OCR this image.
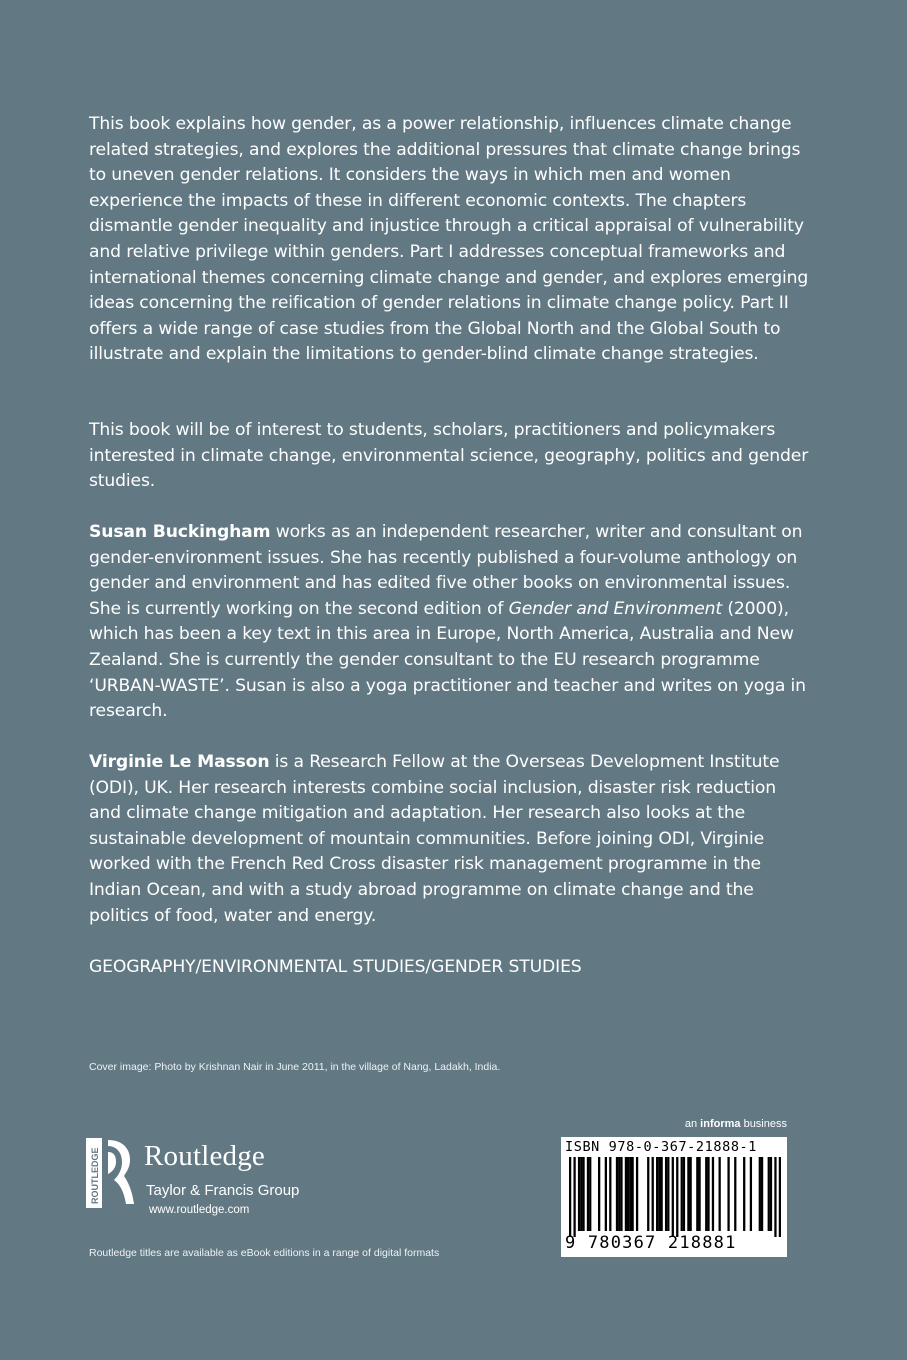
This book explains how gender, as a power relationship, influences climate change related strategies, and explores the additional pressures that climate change brings to uneven gender relations. It considers the ways in which men and women experience the impacts of these in different economic contexts. The chapters dismantle gender inequality and injustice through a critical appraisal of vulnerability and relative privilege within genders. Part I addresses conceptual frameworks and international themes concerning climate change and gender, and explores emerging ideas concerning the reification of gender relations in climate change policy. Part II offers a wide range of case studies from the Global North and the Global South to illustrate and explain the limitations to gender-blind climate change strategies.

This book will be of interest to students, scholars, practitioners and policymakers interested in climate change, environmental science, geography, politics and gender studies.

Susan Buckingham works as an independent researcher, writer and consultant on gender-environment issues. She has recently published a four-volume anthology on gender and environment and has edited five other books on environmental issues. She is currently working on the second edition of Gender and Environment (2000), which has been a key text in this area in Europe, North America, Australia and New Zealand. She is currently the gender consultant to the EU research programme ‘URBAN-WASTE’. Susan is also a yoga practitioner and teacher and writes on yoga in research.

Virginie Le Masson is a Research Fellow at the Overseas Development Institute (ODI), UK. Her research interests combine social inclusion, disaster risk reduction and climate change mitigation and adaptation. Her research also looks at the sustainable development of mountain communities. Before joining ODI, Virginie worked with the French Red Cross disaster risk management programme in the Indian Ocean, and with a study abroad programme on climate change and the politics of food, water and energy.

GEOGRAPHY/ENVIRONMENTAL STUDIES/GENDER STUDIES

Cover image: Photo by Krishnan Nair in June 2011, in the village of Nang, Ladakh, India.
an informa business
ROUTLEDGE Routledge
Taylor & Francis Group
www.routledge.com
Routledge titles are available as eBook editions in a range of digital formats
ISBN 978-0-367-21888-1
9 780367 218881
